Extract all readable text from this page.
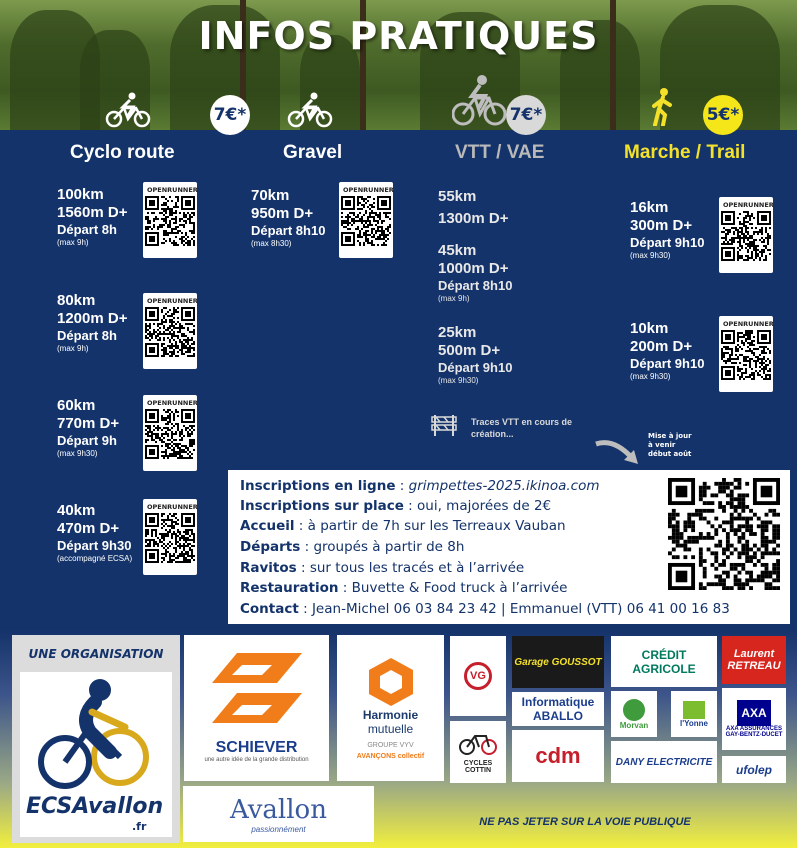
INFOS PRATIQUES
7€*	7€*	5€*
Cyclo route	Gravel	VTT / VAE	Marche / Trail
100km
1560m D+
Départ 8h
(max 9h)
OPENRUNNER
80km
1200m D+
Départ 8h
(max 9h)
OPENRUNNER
60km
770m D+
Départ 9h
(max 9h30)
OPENRUNNER
40km
470m D+
Départ 9h30
(accompagné ECSA)
OPENRUNNER
70km
950m D+
Départ 8h10
(max 8h30)
OPENRUNNER	55km
1300m D+
45km
1000m D+
Départ 8h10
(max 9h)
25km
500m D+
Départ 9h10
(max 9h30)
Traces VTT en cours de création...	Mise à jour à venir début août
16km
300m D+
Départ 9h10
(max 9h30)
OPENRUNNER
10km
200m D+
Départ 9h10
(max 9h30)
OPENRUNNER
Inscriptions en ligne : grimpettes-2025.ikinoa.com
Inscriptions sur place : oui, majorées de 2€
Accueil : à partir de 7h sur les Terreaux Vauban
Départs : groupés à partir de 8h
Ravitos : sur tous les tracés et à l’arrivée
Restauration : Buvette & Food truck à l’arrivée
Contact : Jean-Michel 06 03 84 23 42 | Emmanuel (VTT) 06 41 00 16 83
UNE ORGANISATION
ECSAvallon
.fr
SCHIEVER
une autre idée de la grande distribution
Harmonie
mutuelle
GROUPE VYV
AVANÇONS collectif
VG
CYCLES COTTIN
Garage GOUSSOT
Informatique ABALLO
cdm
CRÉDIT AGRICOLE
Morvan	l'Yonne
DANY ELECTRICITE
Laurent RETREAU
AXA
AXA ASSURANCES
GAY-BENTZ-DUCET
ufolep
Avallon
passionnément
NE PAS JETER SUR LA VOIE PUBLIQUE
